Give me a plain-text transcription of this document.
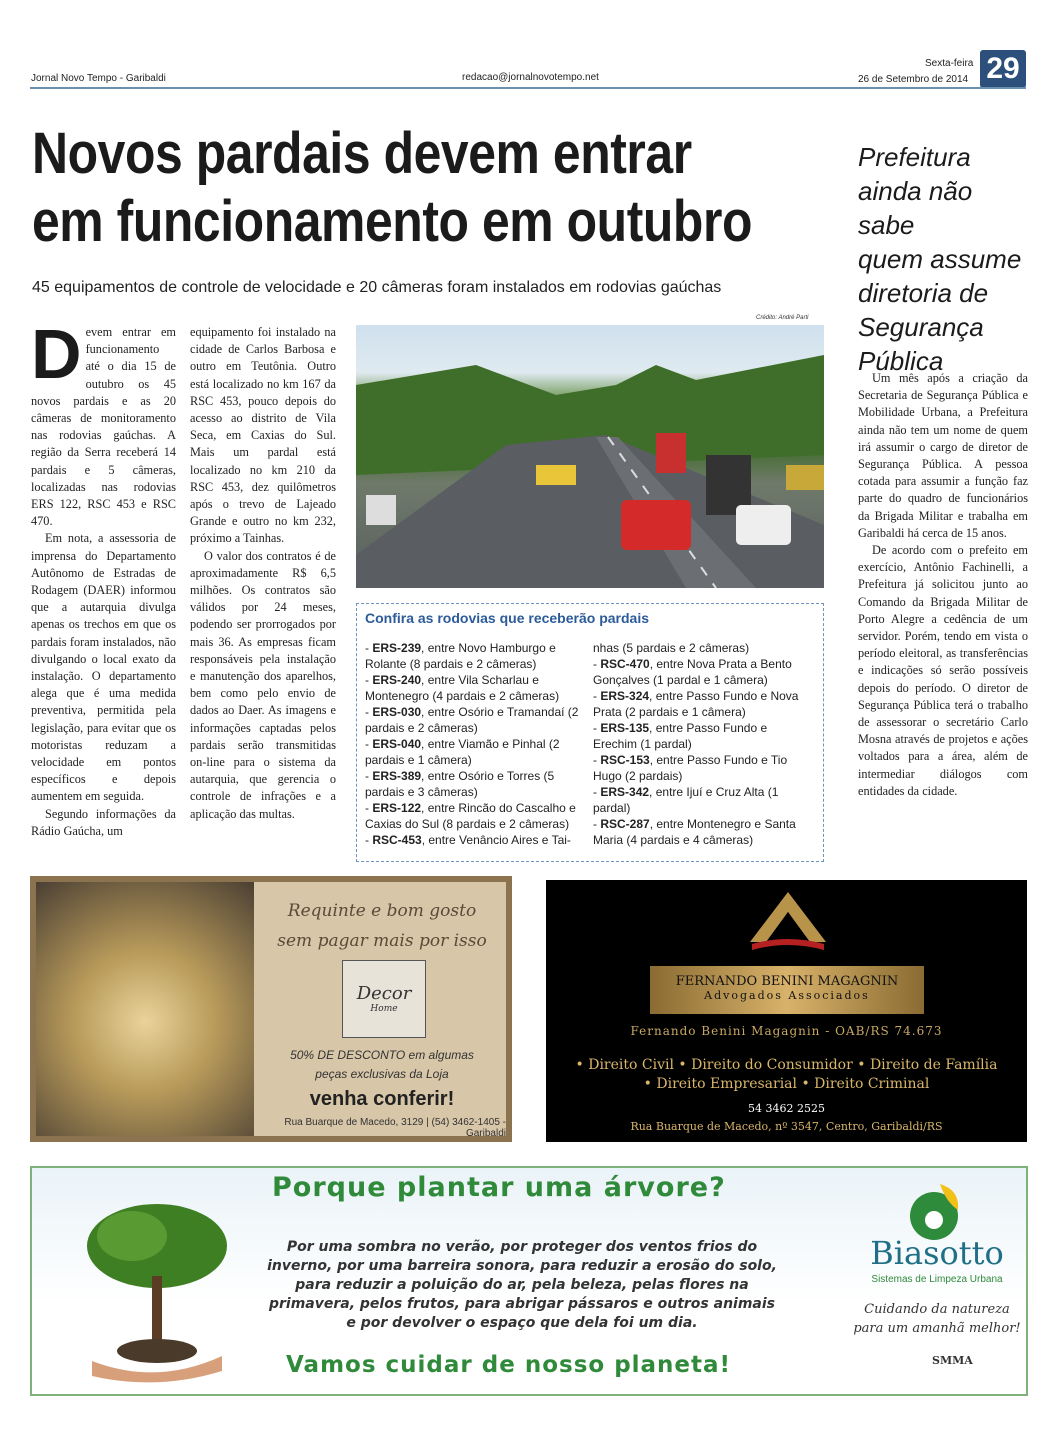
Jornal Novo Tempo - Garibaldi	redacao@jornalnovotempo.net
Sexta-feira
26 de Setembro de 2014 29
Novos pardais devem entrar
em funcionamento em outubro
45 equipamentos de controle de velocidade e 20 câmeras foram instalados em rodovias gaúchas
D evem entrar em funcionamento até o dia 15 de outubro os 45 novos pardais e as 20 câmeras de monitoramento nas rodovias gaúchas. A região da Serra receberá 14 pardais e 5 câmeras, localizadas nas rodovias ERS 122, RSC 453 e RSC 470.

Em nota, a assessoria de imprensa do Departamento Autônomo de Estradas de Rodagem (DAER) informou que a autarquia divulga apenas os trechos em que os pardais foram instalados, não divulgando o local exato da instalação. O departamento alega que é uma medida preventiva, permitida pela legislação, para evitar que os motoristas reduzam a velocidade em pontos específicos e depois aumentem em seguida.

Segundo informações da Rádio Gaúcha, um

equipamento foi instalado na cidade de Carlos Barbosa e outro em Teutônia. Outro está localizado no km 167 da RSC 453, pouco depois do acesso ao distrito de Vila Seca, em Caxias do Sul. Mais um pardal está localizado no km 210 da RSC 453, dez quilômetros após o trevo de Lajeado Grande e outro no km 232, próximo a Tainhas.

O valor dos contratos é de aproximadamente R$ 6,5 milhões. Os contratos são válidos por 24 meses, podendo ser prorrogados por mais 36. As empresas ficam responsáveis pela instalação e manutenção dos aparelhos, bem como pelo envio de dados ao Daer. As imagens e informações captadas pelos pardais serão transmitidas on-line para o sistema da autarquia, que gerencia o controle de infrações e a aplicação das multas.

Crédito: André Parti
Confira as rodovias que receberão pardais
- ERS-239, entre Novo Hamburgo e Rolante (8 pardais e 2 câmeras)
- ERS-240, entre Vila Scharlau e Montenegro (4 pardais e 2 câmeras)
- ERS-030, entre Osório e Tramandaí (2 pardais e 2 câmeras)
- ERS-040, entre Viamão e Pinhal (2 pardais e 1 câmera)
- ERS-389, entre Osório e Torres (5 pardais e 3 câmeras)
- ERS-122, entre Rincão do Cascalho e Caxias do Sul (8 pardais e 2 câmeras)
- RSC-453, entre Venâncio Aires e Tai-
nhas (5 pardais e 2 câmeras)
- RSC-470, entre Nova Prata a Bento Gonçalves (1 pardal e 1 câmera)
- ERS-324, entre Passo Fundo e Nova Prata (2 pardais e 1 câmera)
- ERS-135, entre Passo Fundo e Erechim (1 pardal)
- RSC-153, entre Passo Fundo e Tio Hugo (2 pardais)
- ERS-342, entre Ijuí e Cruz Alta (1 pardal)
- RSC-287, entre Montenegro e Santa Maria (4 pardais e 4 câmeras)
Prefeitura
ainda não sabe
quem assume
diretoria de
Segurança
Pública

Um mês após a criação da Secretaria de Segurança Pública e Mobilidade Urbana, a Prefeitura ainda não tem um nome de quem irá assumir o cargo de diretor de Segurança Pública. A pessoa cotada para assumir a função faz parte do quadro de funcionários da Brigada Militar e trabalha em Garibaldi há cerca de 15 anos.

De acordo com o prefeito em exercício, Antônio Fachinelli, a Prefeitura já solicitou junto ao Comando da Brigada Militar de Porto Alegre a cedência de um servidor. Porém, tendo em vista o período eleitoral, as transferências e indicações só serão possíveis depois do período. O diretor de Segurança Pública terá o trabalho de assessorar o secretário Carlo Mosna através de projetos e ações voltados para a área, além de intermediar diálogos com entidades da cidade.

Requinte e bom gosto
sem pagar mais por isso
Decor
Home
50% DE DESCONTO em algumas
peças exclusivas da Loja
venha conferir!
Rua Buarque de Macedo, 3129 | (54) 3462-1405 - Garibaldi
FERNANDO BENINI MAGAGNIN
Advogados Associados
Fernando Benini Magagnin - OAB/RS 74.673
• Direito Civil • Direito do Consumidor • Direito de Família
• Direito Empresarial • Direito Criminal
54 3462 2525
Rua Buarque de Macedo, nº 3547, Centro, Garibaldi/RS
Porque plantar uma árvore?
Por uma sombra no verão, por proteger dos ventos frios do
inverno, por uma barreira sonora, para reduzir a erosão do solo,
para reduzir a poluição do ar, pela beleza, pelas flores na
primavera, pelos frutos, para abrigar pássaros e outros animais
e por devolver o espaço que dela foi um dia.
Vamos cuidar de nosso planeta!
Biasotto
Sistemas de Limpeza Urbana
Cuidando da natureza
para um amanhã melhor!
SMMA
